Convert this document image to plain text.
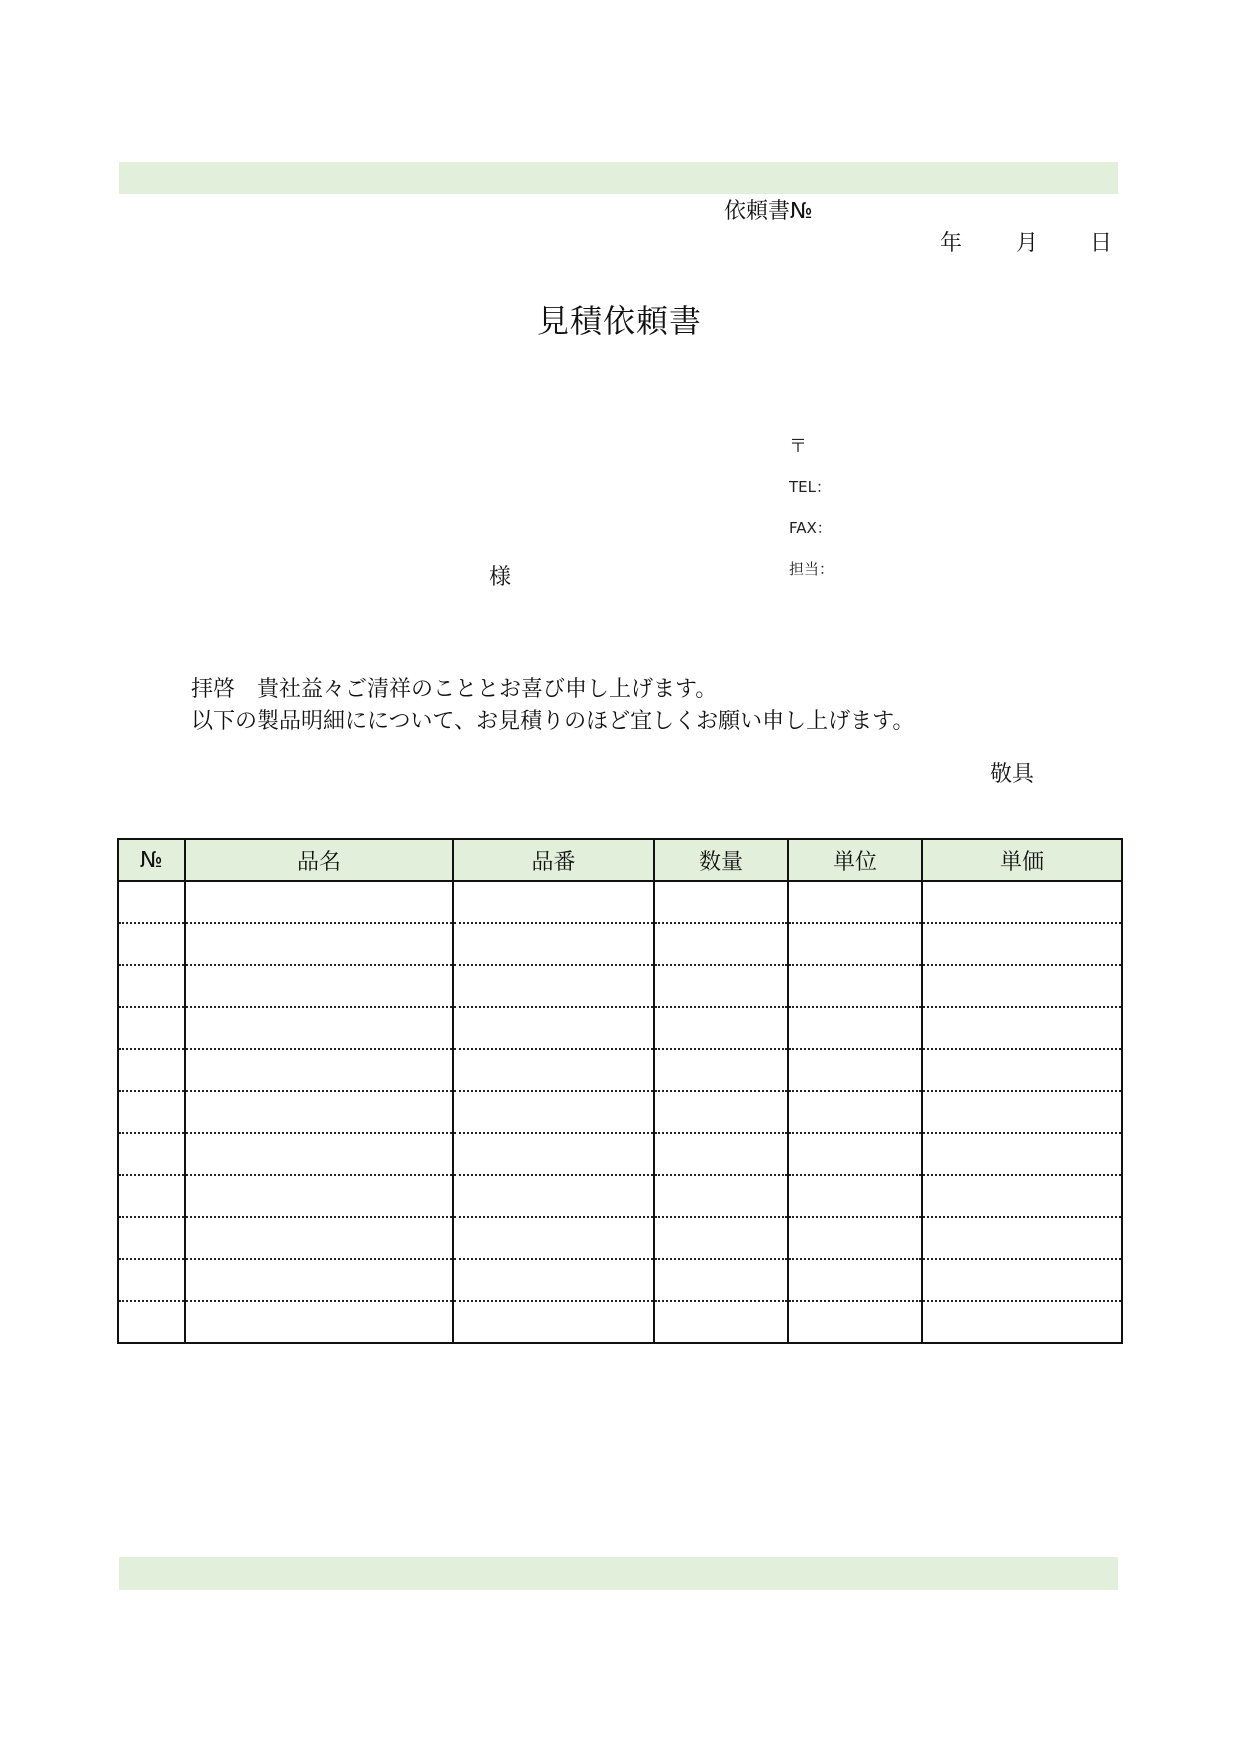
依頼書№
年 月 日
見積依頼書
〒
TEL：
FAX：
担当：
様
拝啓　貴社益々ご清祥のこととお喜び申し上げます。
以下の製品明細にについて、お見積りのほど宜しくお願い申し上げます。
敬具
№	品名	品番	数量	単位	単価
